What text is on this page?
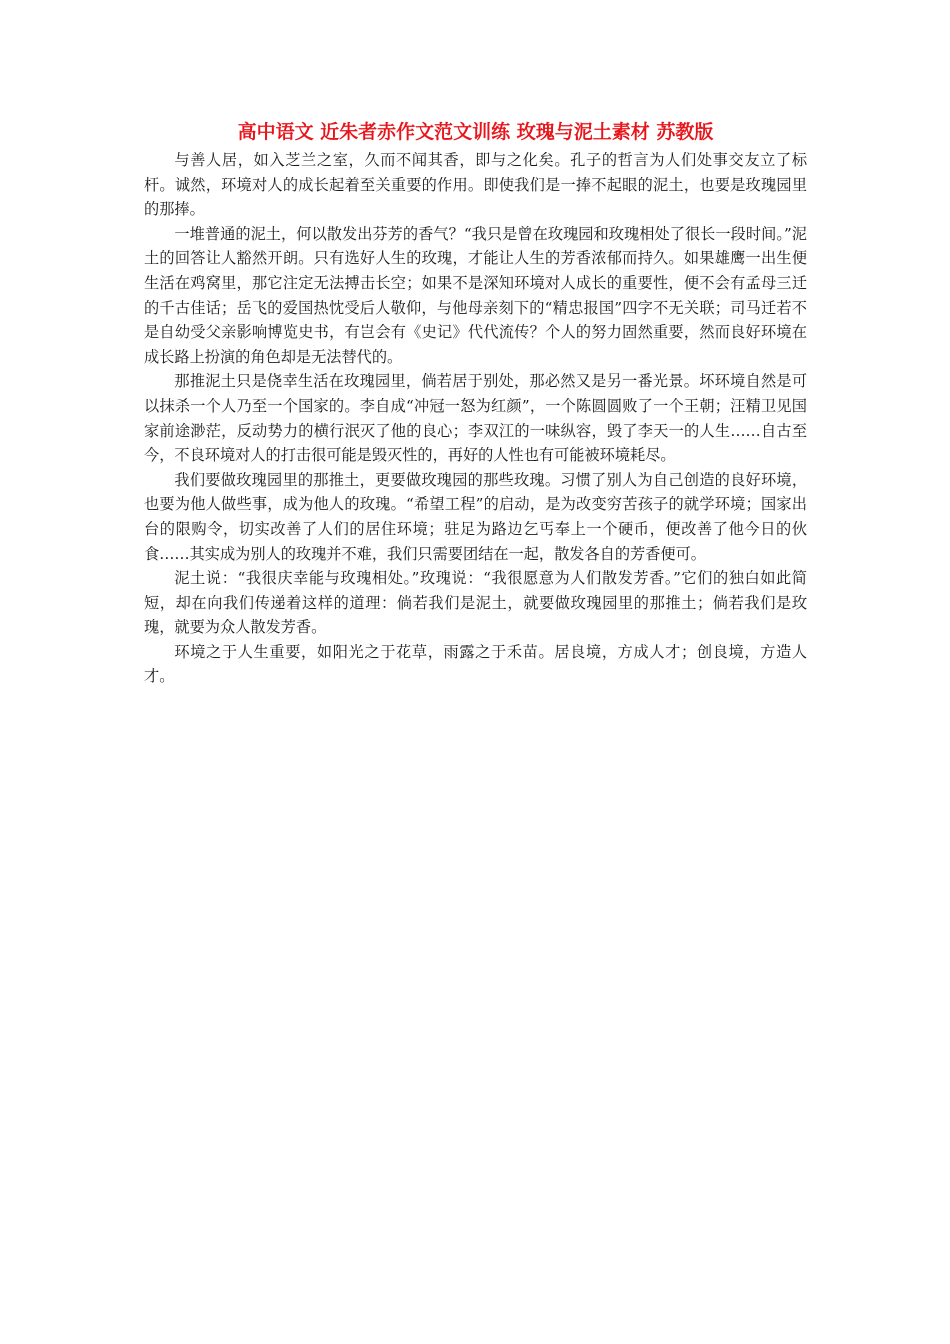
高中语文 近朱者赤作文范文训练 玫瑰与泥土素材 苏教版

与善人居，如入芝兰之室，久而不闻其香，即与之化矣。孔子的哲言为人们处事交友立了标杆。诚然，环境对人的成长起着至关重要的作用。即使我们是一捧不起眼的泥土，也要是玫瑰园里的那捧。

一堆普通的泥土，何以散发出芬芳的香气？“我只是曾在玫瑰园和玫瑰相处了很长一段时间。”泥土的回答让人豁然开朗。只有选好人生的玫瑰，才能让人生的芳香浓郁而持久。如果雄鹰一出生便生活在鸡窝里，那它注定无法搏击长空；如果不是深知环境对人成长的重要性，便不会有孟母三迁的千古佳话；岳飞的爱国热忱受后人敬仰，与他母亲刻下的“精忠报国”四字不无关联；司马迁若不是自幼受父亲影响博览史书，有岂会有《史记》代代流传？个人的努力固然重要，然而良好环境在成长路上扮演的角色却是无法替代的。

那推泥土只是侥幸生活在玫瑰园里，倘若居于别处，那必然又是另一番光景。坏环境自然是可以抹杀一个人乃至一个国家的。李自成“冲冠一怒为红颜”，一个陈圆圆败了一个王朝；汪精卫见国家前途渺茫，反动势力的横行泯灭了他的良心；李双江的一味纵容，毁了李天一的人生……自古至今，不良环境对人的打击很可能是毁灭性的，再好的人性也有可能被环境耗尽。

我们要做玫瑰园里的那推土，更要做玫瑰园的那些玫瑰。习惯了别人为自己创造的良好环境，也要为他人做些事，成为他人的玫瑰。“希望工程”的启动，是为改变穷苦孩子的就学环境；国家出台的限购令，切实改善了人们的居住环境；驻足为路边乞丐奉上一个硬币，便改善了他今日的伙食……其实成为别人的玫瑰并不难，我们只需要团结在一起，散发各自的芳香便可。

泥土说：“我很庆幸能与玫瑰相处。”玫瑰说：“我很愿意为人们散发芳香。”它们的独白如此简短，却在向我们传递着这样的道理：倘若我们是泥土，就要做玫瑰园里的那推土；倘若我们是玫瑰，就要为众人散发芳香。

环境之于人生重要，如阳光之于花草，雨露之于禾苗。居良境，方成人才；创良境，方造人才。
